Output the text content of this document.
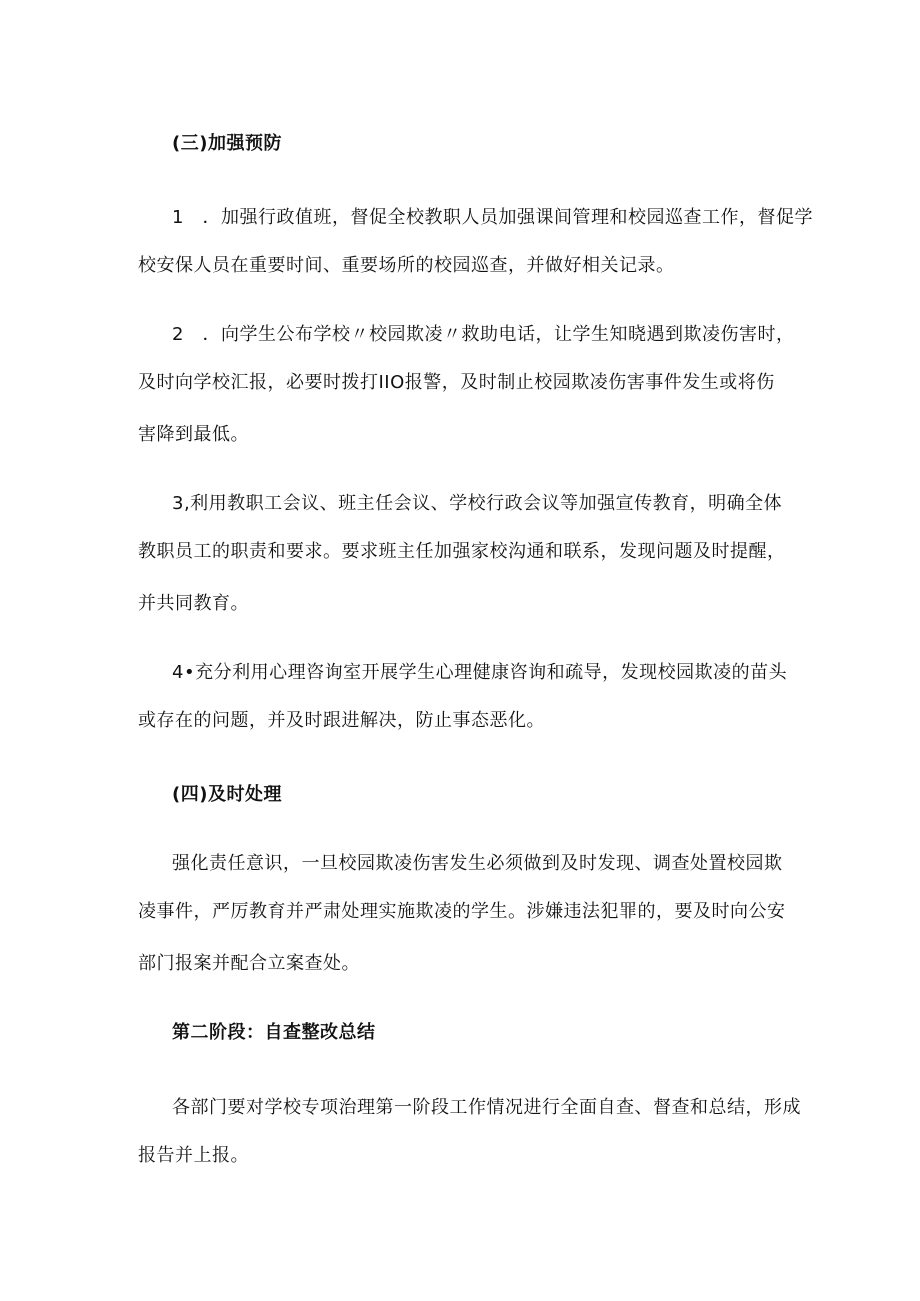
(三)加强预防

1　．加强行政值班，督促全校教职人员加强课间管理和校园巡查工作，督促学

校安保人员在重要时间、重要场所的校园巡查，并做好相关记录。

2　．向学生公布学校〃校园欺凌〃救助电话，让学生知晓遇到欺凌伤害时，

及时向学校汇报，必要时拨打IIO报警，及时制止校园欺凌伤害事件发生或将伤
害降到最低。

3,利用教职工会议、班主任会议、学校行政会议等加强宣传教育，明确全体

教职员工的职责和要求。要求班主任加强家校沟通和联系，发现问题及时提醒，
并共同教育。

4•充分利用心理咨询室开展学生心理健康咨询和疏导，发现校园欺凌的苗头

或存在的问题，并及时跟进解决，防止事态恶化。

(四)及时处理

强化责任意识，一旦校园欺凌伤害发生必须做到及时发现、调查处置校园欺

凌事件，严厉教育并严肃处理实施欺凌的学生。涉嫌违法犯罪的，要及时向公安
部门报案并配合立案查处。

第二阶段：自查整改总结

各部门要对学校专项治理第一阶段工作情况进行全面自查、督查和总结，形成

报告并上报。
